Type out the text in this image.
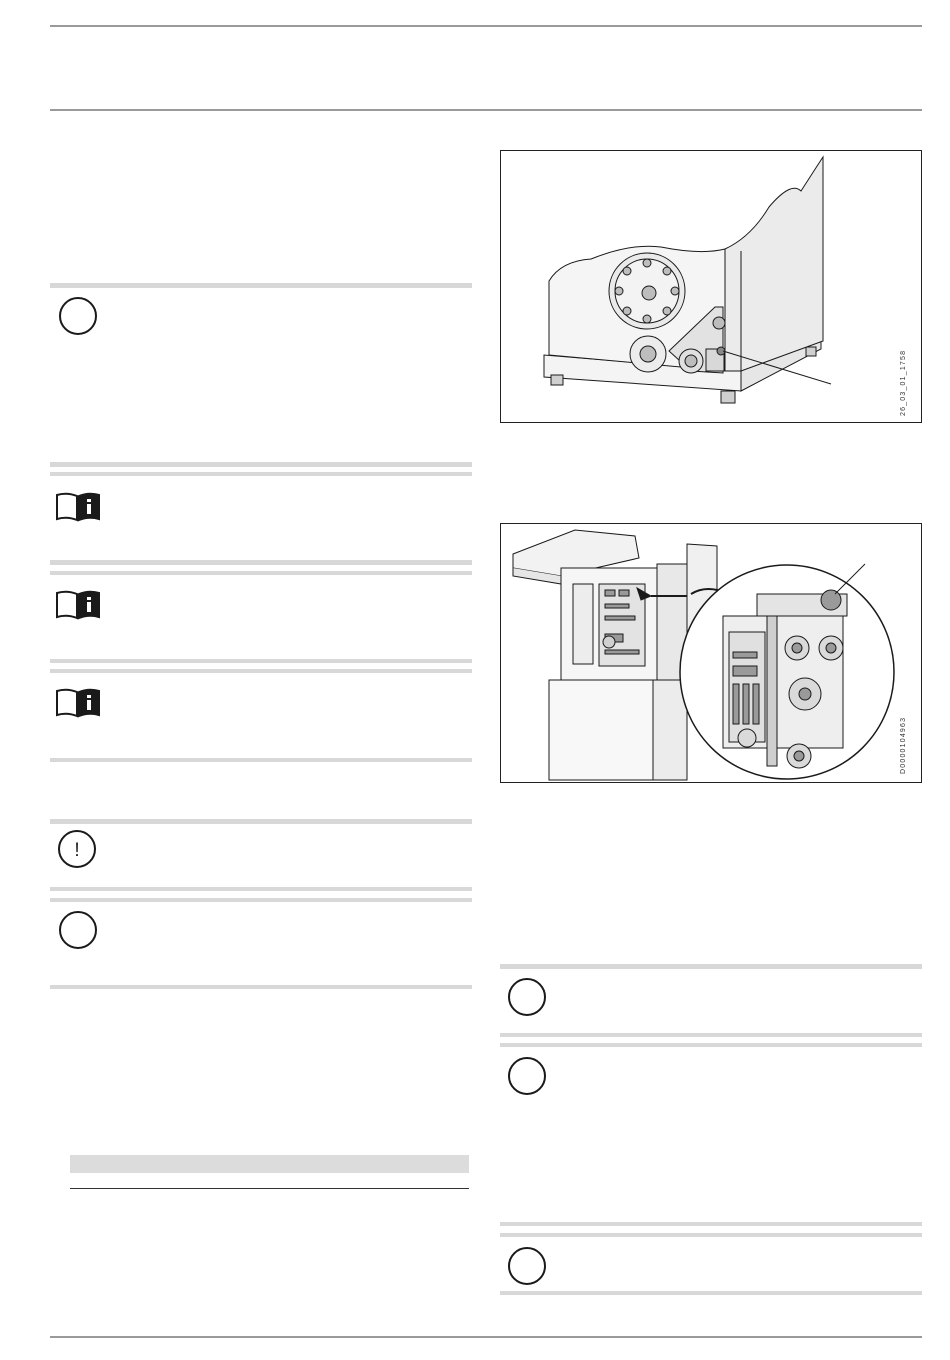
!
26_03_01_1758
D0000104963
